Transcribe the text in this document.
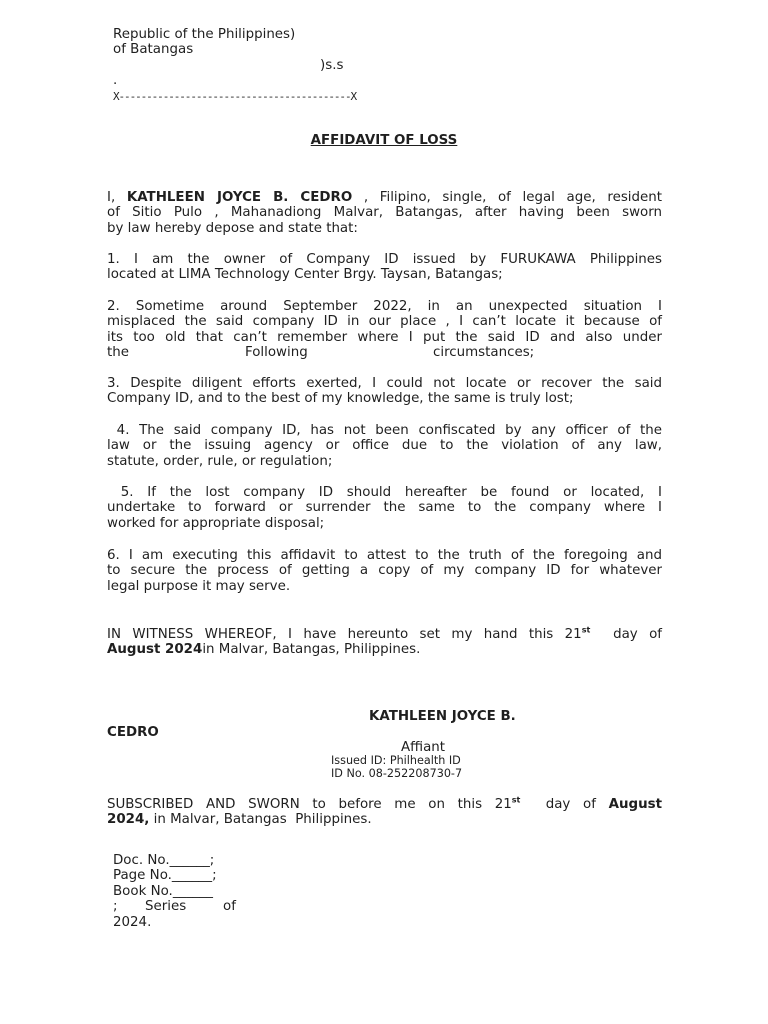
Republic of the Philippines)
of Batangas
)s.s
.
X------------------------------------------X
AFFIDAVIT OF LOSS
I, KATHLEEN JOYCE B. CEDRO , Filipino, single, of legal age, resident
of Sitio Pulo , Mahanadiong Malvar, Batangas, after having been sworn
by law hereby depose and state that:
1. I am the owner of Company ID issued by FURUKAWA Philippines
located at LIMA Technology Center Brgy. Taysan, Batangas;
2. Sometime around September 2022, in an unexpected situation I
misplaced the said company ID in our place , I can’t locate it because of
its too old that can’t remember where I put the said ID and also under
the	Following	circumstances;
3. Despite diligent efforts exerted, I could not locate or recover the said
Company ID, and to the best of my knowledge, the same is truly lost;
4. The said company ID, has not been confiscated by any officer of the
law or the issuing agency or office due to the violation of any law,
statute, order, rule, or regulation;
5. If the lost company ID should hereafter be found or located, I
undertake to forward or surrender the same to the company where I
worked for appropriate disposal;
6. I am executing this affidavit to attest to the truth of the foregoing and
to secure the process of getting a copy of my company ID for whatever
legal purpose it may serve.
IN WITNESS WHEREOF, I have hereunto set my hand this 21st  day of
August 2024in Malvar, Batangas, Philippines.
KATHLEEN JOYCE B.
CEDRO
Affiant
Issued ID: Philhealth ID
ID No. 08-252208730-7
SUBSCRIBED AND SWORN to before me on this 21st  day of August
2024, in Malvar, Batangas  Philippines.
Doc. No.______;
Page No.______;
Book No.______
; Series	of
2024.
